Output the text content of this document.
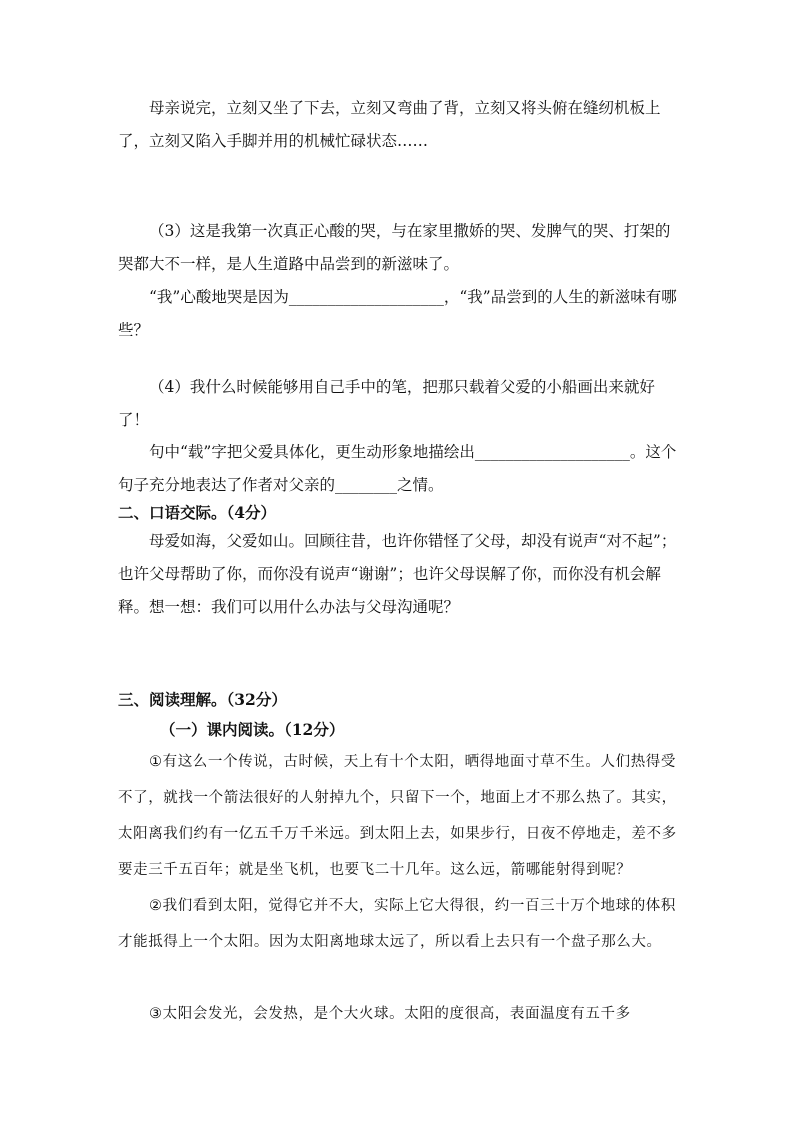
母亲说完，立刻又坐了下去，立刻又弯曲了背，立刻又将头俯在缝纫机板上了，立刻又陷入手脚并用的机械忙碌状态……
（3）这是我第一次真正心酸的哭，与在家里撒娇的哭、发脾气的哭、打架的哭都大不一样，是人生道路中品尝到的新滋味了。
“我”心酸地哭是因为____________________，“我”品尝到的人生的新滋味有哪些？
（4）我什么时候能够用自己手中的笔，把那只载着父爱的小船画出来就好了！
句中“载”字把父爱具体化，更生动形象地描绘出____________________。这个句子充分地表达了作者对父亲的________之情。
二、口语交际。（4分）
母爱如海，父爱如山。回顾往昔，也许你错怪了父母，却没有说声“对不起”；也许父母帮助了你，而你没有说声“谢谢”；也许父母误解了你，而你没有机会解释。想一想：我们可以用什么办法与父母沟通呢？
三、阅读理解。（32分）
（一）课内阅读。（12分）
①有这么一个传说，古时候，天上有十个太阳，晒得地面寸草不生。人们热得受不了，就找一个箭法很好的人射掉九个，只留下一个，地面上才不那么热了。其实，太阳离我们约有一亿五千万千米远。到太阳上去，如果步行，日夜不停地走，差不多要走三千五百年；就是坐飞机，也要飞二十几年。这么远，箭哪能射得到呢？
②我们看到太阳，觉得它并不大，实际上它大得很，约一百三十万个地球的体积才能抵得上一个太阳。因为太阳离地球太远了，所以看上去只有一个盘子那么大。
③太阳会发光，会发热，是个大火球。太阳的度很高，表面温度有五千多
